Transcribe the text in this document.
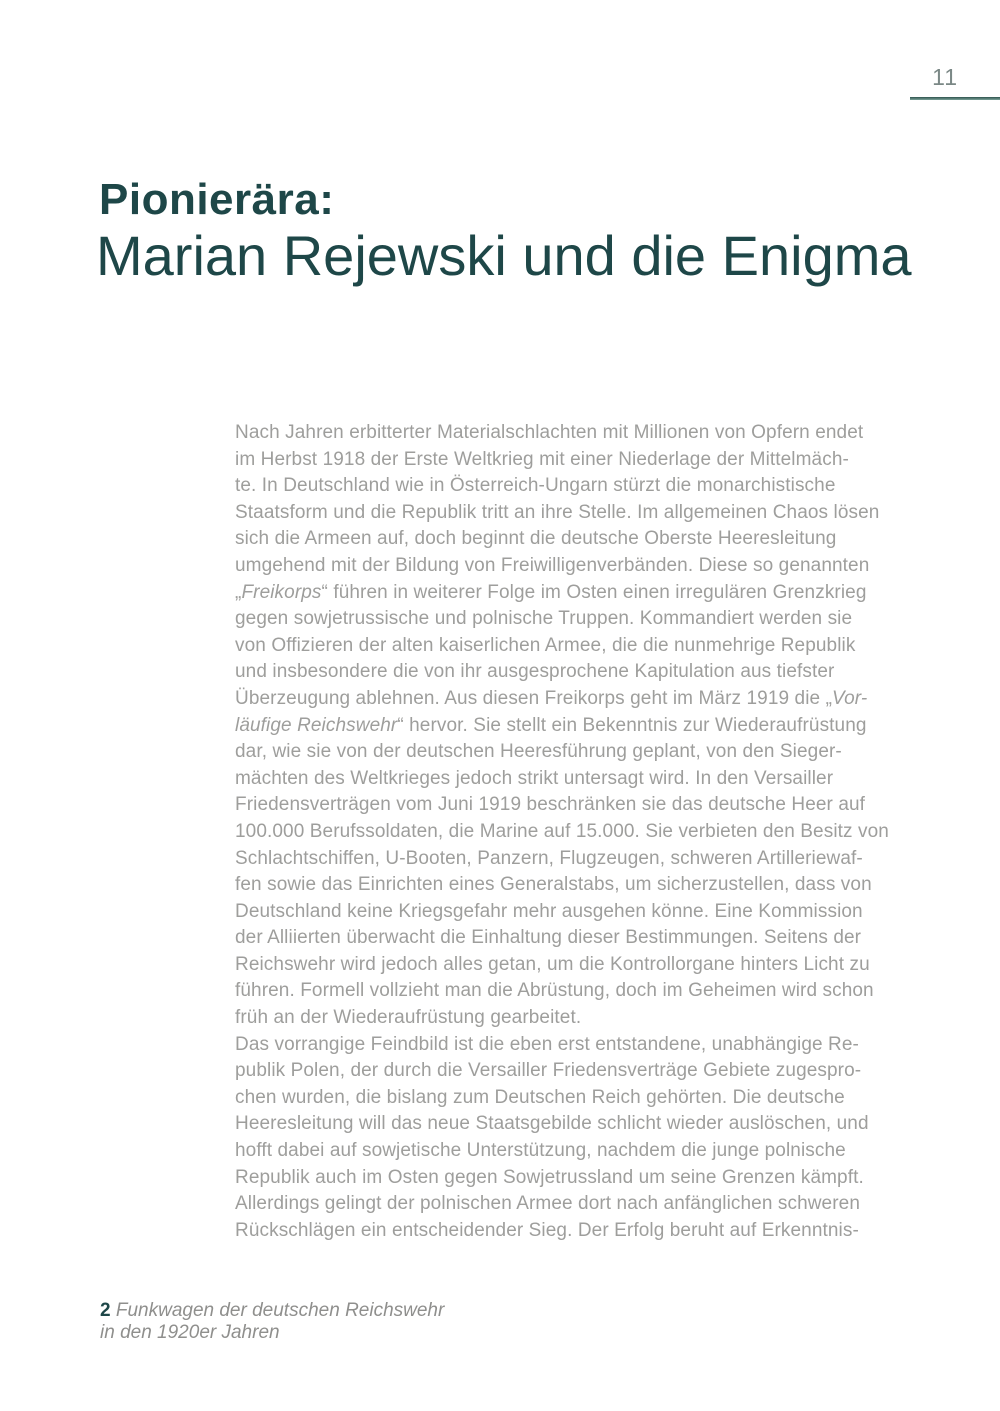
11
Pionierära:
Marian Rejewski und die Enigma
Nach Jahren erbitterter Materialschlachten mit Millionen von Opfern endet
im Herbst 1918 der Erste Weltkrieg mit einer Niederlage der Mittelmäch-
te. In Deutschland wie in Österreich-Ungarn stürzt die monarchistische
Staatsform und die Republik tritt an ihre Stelle. Im allgemeinen Chaos lösen
sich die Armeen auf, doch beginnt die deutsche Oberste Heeresleitung
umgehend mit der Bildung von Freiwilligenverbänden. Diese so genannten
„Freikorps“ führen in weiterer Folge im Osten einen irregulären Grenzkrieg
gegen sowjetrussische und polnische Truppen. Kommandiert werden sie
von Offizieren der alten kaiserlichen Armee, die die nunmehrige Republik
und insbesondere die von ihr ausgesprochene Kapitulation aus tiefster
Überzeugung ablehnen. Aus diesen Freikorps geht im März 1919 die „Vor-
läufige Reichswehr“ hervor. Sie stellt ein Bekenntnis zur Wiederaufrüstung
dar, wie sie von der deutschen Heeresführung geplant, von den Sieger-
mächten des Weltkrieges jedoch strikt untersagt wird. In den Versailler
Friedensverträgen vom Juni 1919 beschränken sie das deutsche Heer auf
100.000 Berufssoldaten, die Marine auf 15.000. Sie verbieten den Besitz von
Schlachtschiffen, U-Booten, Panzern, Flugzeugen, schweren Artilleriewaf-
fen sowie das Einrichten eines Generalstabs, um sicherzustellen, dass von
Deutschland keine Kriegsgefahr mehr ausgehen könne. Eine Kommission
der Alliierten überwacht die Einhaltung dieser Bestimmungen. Seitens der
Reichswehr wird jedoch alles getan, um die Kontrollorgane hinters Licht zu
führen. Formell vollzieht man die Abrüstung, doch im Geheimen wird schon
früh an der Wiederaufrüstung gearbeitet.
Das vorrangige Feindbild ist die eben erst entstandene, unabhängige Re-
publik Polen, der durch die Versailler Friedensverträge Gebiete zugespro-
chen wurden, die bislang zum Deutschen Reich gehörten. Die deutsche
Heeresleitung will das neue Staatsgebilde schlicht wieder auslöschen, und
hofft dabei auf sowjetische Unterstützung, nachdem die junge polnische
Republik auch im Osten gegen Sowjetrussland um seine Grenzen kämpft.
Allerdings gelingt der polnischen Armee dort nach anfänglichen schweren
Rückschlägen ein entscheidender Sieg. Der Erfolg beruht auf Erkenntnis-
2 Funkwagen der deutschen Reichswehr
in den 1920er Jahren
